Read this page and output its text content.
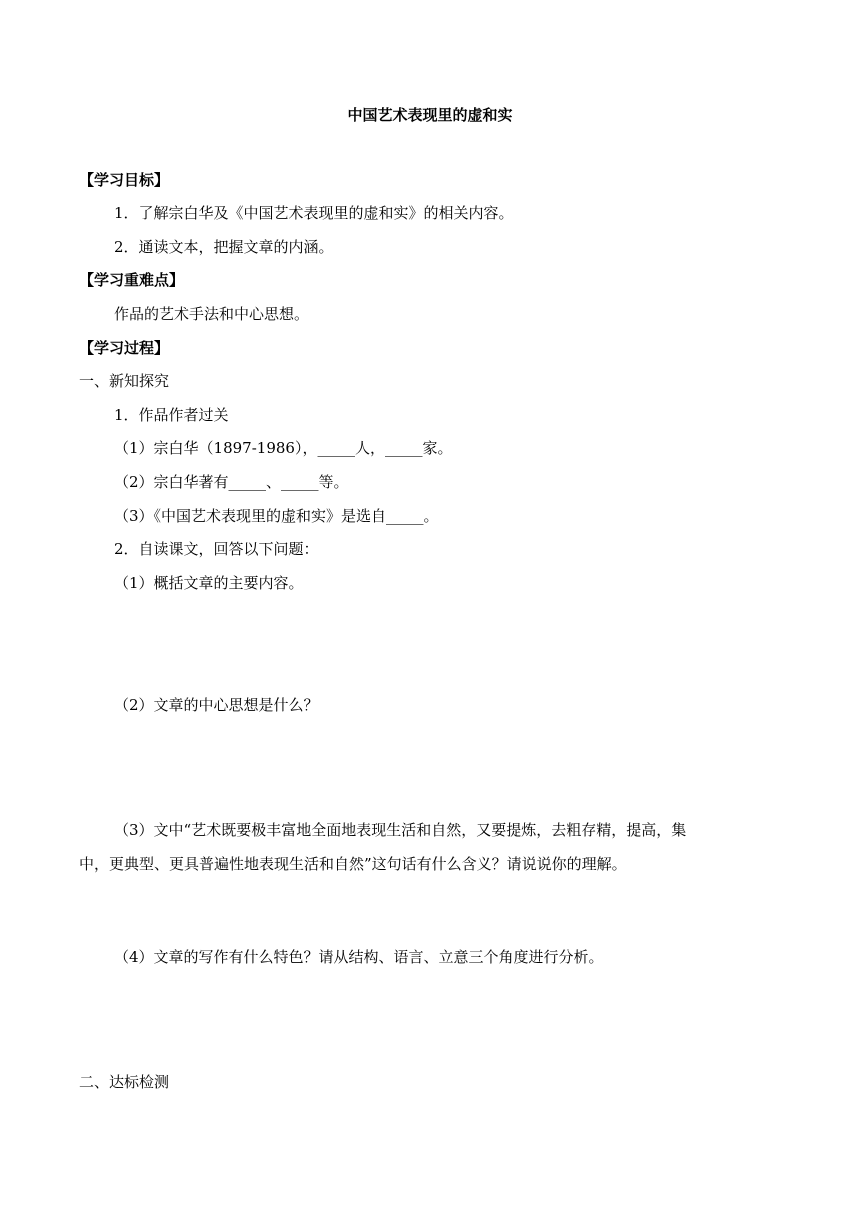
中国艺术表现里的虚和实
【学习目标】
1．了解宗白华及《中国艺术表现里的虚和实》的相关内容。
2．通读文本，把握文章的内涵。
【学习重难点】
作品的艺术手法和中心思想。
【学习过程】
一、新知探究
1．作品作者过关
（1）宗白华（1897-1986），_____人，_____家。
（2）宗白华著有_____、_____等。
（3）《中国艺术表现里的虚和实》是选自_____。
2．自读课文，回答以下问题：
（1）概括文章的主要内容。
（2）文章的中心思想是什么？
（3）文中“艺术既要极丰富地全面地表现生活和自然，又要提炼，去粗存精，提高，集
中，更典型、更具普遍性地表现生活和自然”这句话有什么含义？请说说你的理解。
（4）文章的写作有什么特色？请从结构、语言、立意三个角度进行分析。
二、达标检测
